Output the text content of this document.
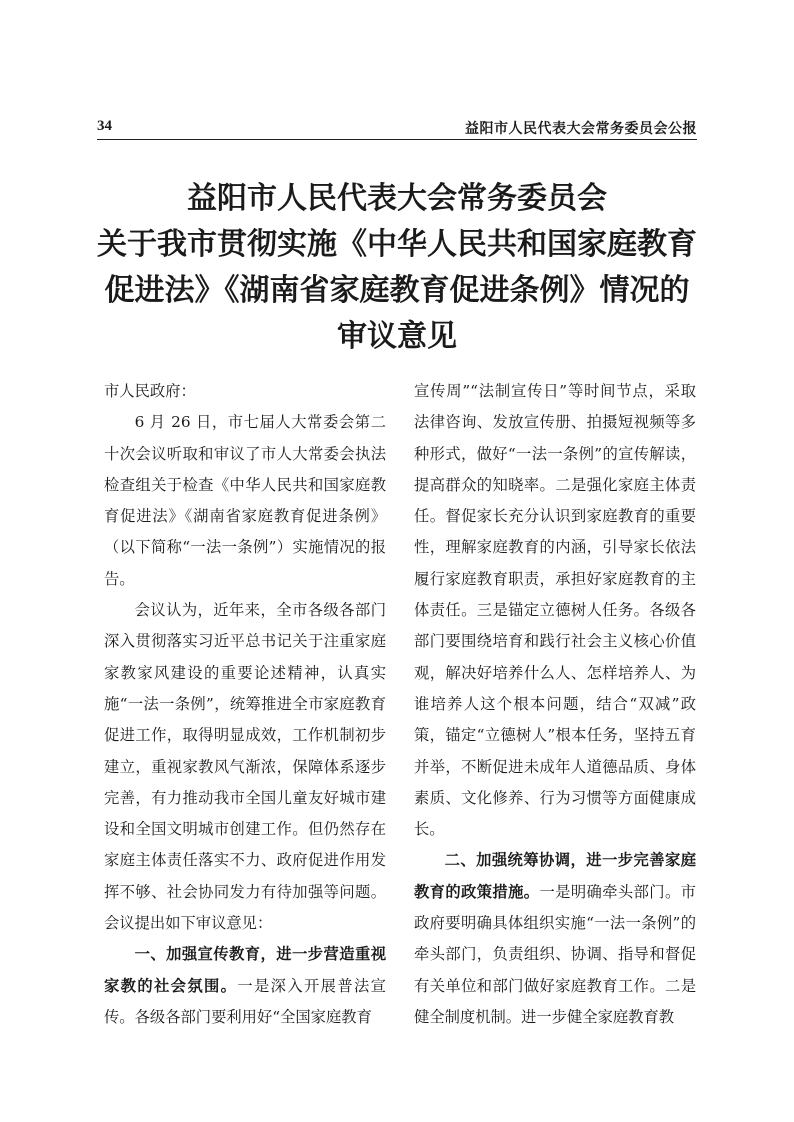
34	益阳市人民代表大会常务委员会公报
益阳市人民代表大会常务委员会
关于我市贯彻实施《中华人民共和国家庭教育
促进法》《湖南省家庭教育促进条例》情况的
审议意见

市人民政府：

6 月 26 日，市七届人大常委会第二十次会议听取和审议了市人大常委会执法检查组关于检查《中华人民共和国家庭教育促进法》《湖南省家庭教育促进条例》（以下简称“一法一条例”）实施情况的报告。

会议认为，近年来，全市各级各部门深入贯彻落实习近平总书记关于注重家庭家教家风建设的重要论述精神，认真实施“一法一条例”，统筹推进全市家庭教育促进工作，取得明显成效，工作机制初步建立，重视家教风气渐浓，保障体系逐步完善，有力推动我市全国儿童友好城市建设和全国文明城市创建工作。但仍然存在家庭主体责任落实不力、政府促进作用发挥不够、社会协同发力有待加强等问题。会议提出如下审议意见：

一、加强宣传教育，进一步营造重视家教的社会氛围。一是深入开展普法宣传。各级各部门要利用好“全国家庭教育

宣传周”“法制宣传日”等时间节点，采取法律咨询、发放宣传册、拍摄短视频等多种形式，做好“一法一条例”的宣传解读，提高群众的知晓率。二是强化家庭主体责任。督促家长充分认识到家庭教育的重要性，理解家庭教育的内涵，引导家长依法履行家庭教育职责，承担好家庭教育的主体责任。三是锚定立德树人任务。各级各部门要围绕培育和践行社会主义核心价值观，解决好培养什么人、怎样培养人、为谁培养人这个根本问题，结合“双减”政策，锚定“立德树人”根本任务，坚持五育并举，不断促进未成年人道德品质、身体素质、文化修养、行为习惯等方面健康成长。

二、加强统筹协调，进一步完善家庭教育的政策措施。一是明确牵头部门。市政府要明确具体组织实施“一法一条例”的牵头部门，负责组织、协调、指导和督促有关单位和部门做好家庭教育工作。二是健全制度机制。进一步健全家庭教育教
